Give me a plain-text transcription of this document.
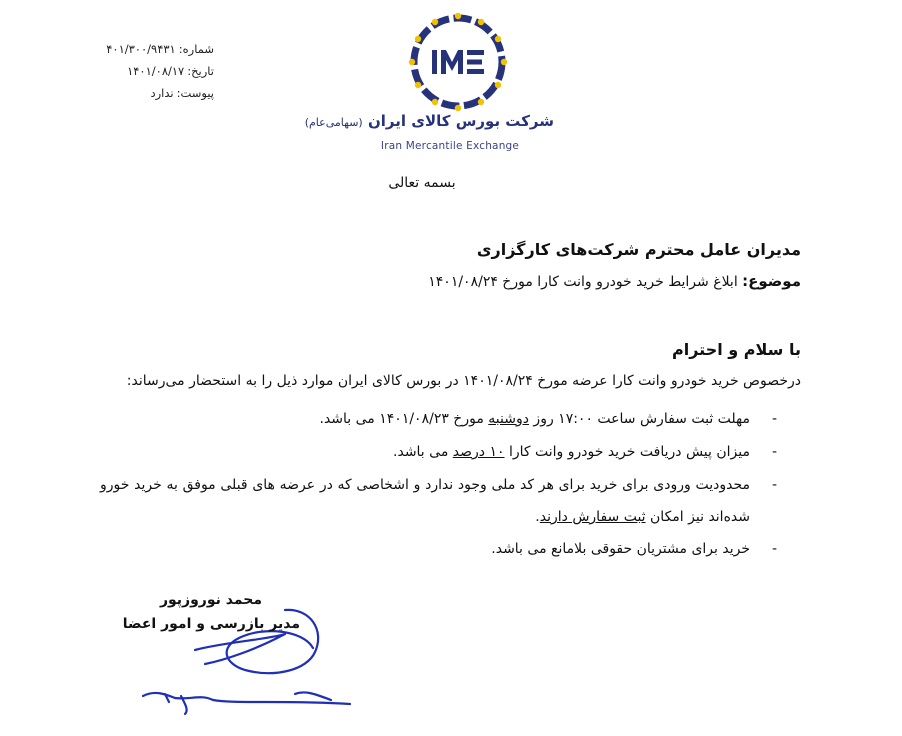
شماره:۴۰۱/۳۰۰/۹۴۳۱
تاریخ:۱۴۰۱/۰۸/۱۷
پیوست:ندارد
شرکت بورس کالای ایران (سهامی‌عام)
Iran Mercantile Exchange
بسمه تعالی
مدیران عامل محترم شرکت‌های کارگزاری
موضوع: ابلاغ شرایط خرید خودرو وانت کارا مورخ ۱۴۰۱/۰۸/۲۴
با سلام و احترام
درخصوص خرید خودرو وانت کارا عرضه مورخ ۱۴۰۱/۰۸/۲۴ در بورس کالای ایران موارد ذیل را به استحضار می‌رساند:
-
مهلت ثبت سفارش ساعت ۱۷:۰۰ روز دوشنبه مورخ ۱۴۰۱/۰۸/۲۳ می باشد.
-
میزان پیش دریافت خرید خودرو وانت کارا ۱۰ درصد می باشد.
-
محدودیت ورودی برای خرید برای هر کد ملی وجود ندارد و اشخاصی که در عرضه های قبلی موفق به خرید خورو شده‌اند نیز امکان ثبت سفارش دارند.
-
خرید برای مشتریان حقوقی بلامانع می باشد.
محمد نوروزپور
مدیر بازرسی و امور اعضا
